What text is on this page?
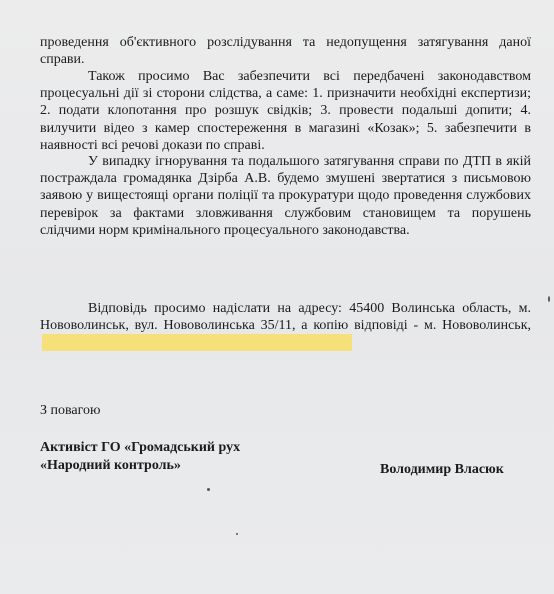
проведення об'єктивного розслідування та недопущення затягування даної справи.

Також просимо Вас забезпечити всі передбачені законодавством процесуальні дії зі сторони слідства, а саме: 1. призначити необхідні експертизи; 2. подати клопотання про розшук свідків; 3. провести подальші допити; 4. вилучити відео з камер спостереження в магазині «Козак»; 5. забезпечити в наявності всі речові докази по справі.

У випадку ігнорування та подальшого затягування справи по ДТП в якій постраждала громадянка Дзірба А.В. будемо змушені звертатися з письмовою заявою у вищестоящі органи поліції та прокуратури щодо проведення службових перевірок за фактами зловживання службовим становищем та порушень слідчими норм кримінального процесуального законодавства.

Відповідь просимо надіслати на адресу: 45400 Волинська область, м. Нововолинськ, вул. Нововолинська 35/11, а копію відповіді - м. Нововолинськ,

З повагою

Активіст ГО «Громадський рух

«Народний контроль»	Володимир Власюк
